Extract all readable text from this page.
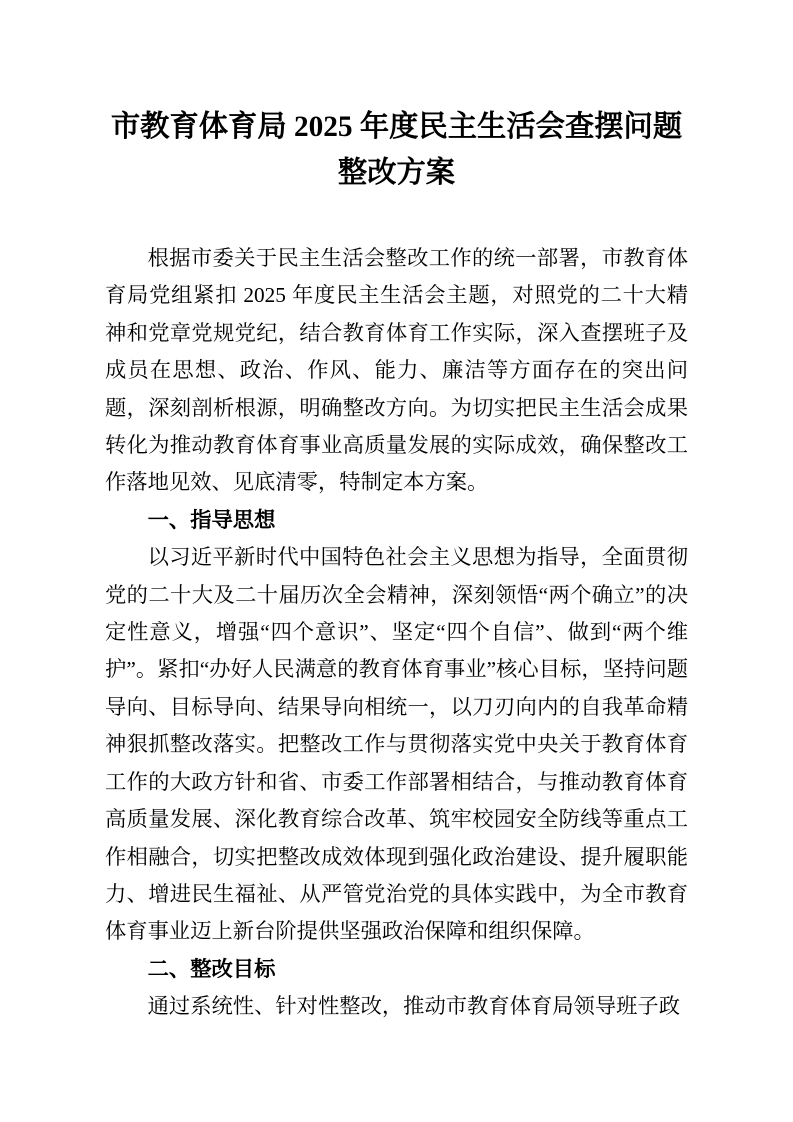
市教育体育局 2025 年度民主生活会查摆问题整改方案

根据市委关于民主生活会整改工作的统一部署，市教育体育局党组紧扣 2025 年度民主生活会主题，对照党的二十大精神和党章党规党纪，结合教育体育工作实际，深入查摆班子及成员在思想、政治、作风、能力、廉洁等方面存在的突出问题，深刻剖析根源，明确整改方向。为切实把民主生活会成果转化为推动教育体育事业高质量发展的实际成效，确保整改工作落地见效、见底清零，特制定本方案。

一、指导思想

以习近平新时代中国特色社会主义思想为指导，全面贯彻党的二十大及二十届历次全会精神，深刻领悟“两个确立”的决定性意义，增强“四个意识”、坚定“四个自信”、做到“两个维护”。紧扣“办好人民满意的教育体育事业”核心目标，坚持问题导向、目标导向、结果导向相统一，以刀刃向内的自我革命精神狠抓整改落实。把整改工作与贯彻落实党中央关于教育体育工作的大政方针和省、市委工作部署相结合，与推动教育体育高质量发展、深化教育综合改革、筑牢校园安全防线等重点工作相融合，切实把整改成效体现到强化政治建设、提升履职能力、增进民生福祉、从严管党治党的具体实践中，为全市教育体育事业迈上新台阶提供坚强政治保障和组织保障。

二、整改目标

通过系统性、针对性整改，推动市教育体育局领导班子政
